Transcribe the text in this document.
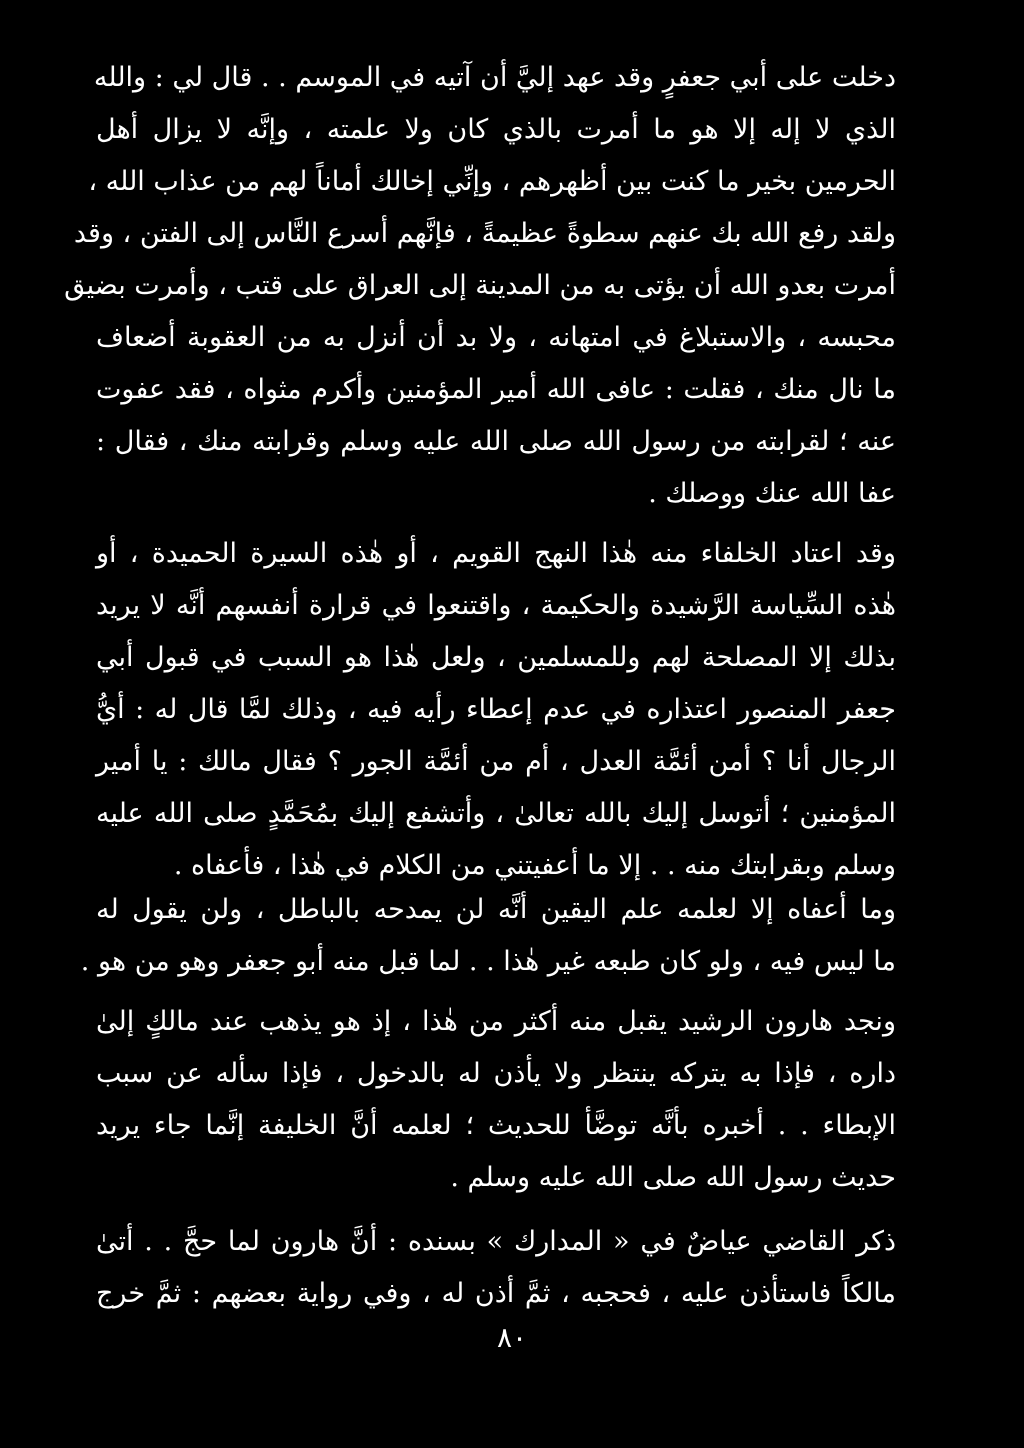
دخلت على أبي جعفرٍ وقد عهد إليَّ أن آتيه في الموسم . . قال لي : والله
الذي لا إله إلا هو ما أمرت بالذي كان ولا علمته ، وإنَّه لا يزال أهل
الحرمين بخير ما كنت بين أظهرهم ، وإنِّي إخالك أماناً لهم من عذاب الله ،
ولقد رفع الله بك عنهم سطوةً عظيمةً ، فإنَّهم أسرع النَّاس إلى الفتن ، وقد
أمرت بعدو الله أن يؤتى به من المدينة إلى العراق على قتب ، وأمرت بضيق
محبسه ، والاستبلاغ في امتهانه ، ولا بد أن أنزل به من العقوبة أضعاف
ما نال منك ، فقلت : عافى الله أمير المؤمنين وأكرم مثواه ، فقد عفوت
عنه ؛ لقرابته من رسول الله صلى الله عليه وسلم وقرابته منك ، فقال :
عفا الله عنك ووصلك .
وقد اعتاد الخلفاء منه هٰذا النهج القويم ، أو هٰذه السيرة الحميدة ، أو
هٰذه السِّياسة الرَّشيدة والحكيمة ، واقتنعوا في قرارة أنفسهم أنَّه لا يريد
بذلك إلا المصلحة لهم وللمسلمين ، ولعل هٰذا هو السبب في قبول أبي
جعفر المنصور اعتذاره في عدم إعطاء رأيه فيه ، وذلك لمَّا قال له : أيُّ
الرجال أنا ؟ أمن أئمَّة العدل ، أم من أئمَّة الجور ؟ فقال مالك : يا أمير
المؤمنين ؛ أتوسل إليك بالله تعالىٰ ، وأتشفع إليك بمُحَمَّدٍ صلى الله عليه
وسلم وبقرابتك منه . . إلا ما أعفيتني من الكلام في هٰذا ، فأعفاه .
وما أعفاه إلا لعلمه علم اليقين أنَّه لن يمدحه بالباطل ، ولن يقول له
ما ليس فيه ، ولو كان طبعه غير هٰذا . . لما قبل منه أبو جعفر وهو من هو .
ونجد هارون الرشيد يقبل منه أكثر من هٰذا ، إذ هو يذهب عند مالكٍ إلىٰ
داره ، فإذا به يتركه ينتظر ولا يأذن له بالدخول ، فإذا سأله عن سبب
الإبطاء . . أخبره بأنَّه توضَّأ للحديث ؛ لعلمه أنَّ الخليفة إنَّما جاء يريد
حديث رسول الله صلى الله عليه وسلم .
ذكر القاضي عياضٌ في « المدارك » بسنده : أنَّ هارون لما حجَّ . . أتىٰ
مالكاً فاستأذن عليه ، فحجبه ، ثمَّ أذن له ، وفي رواية بعضهم : ثمَّ خرج
٨٠
